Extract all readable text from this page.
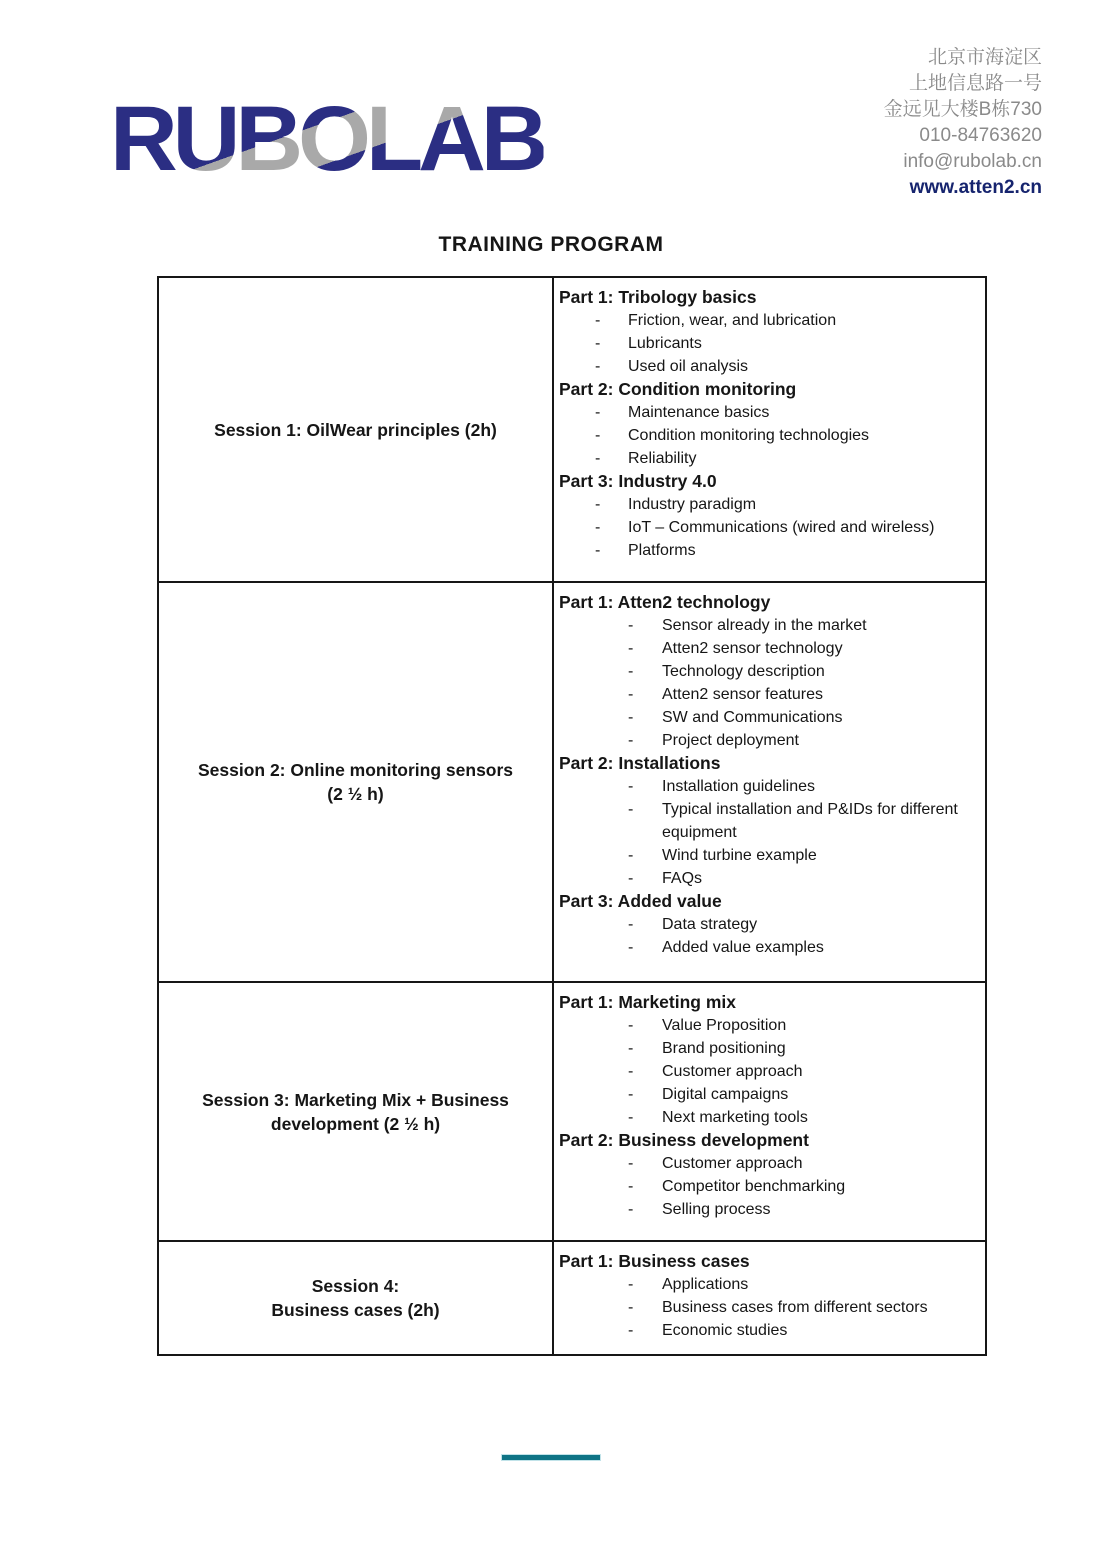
RUBOLAB
北京市海淀区
上地信息路一号
金远见大楼B栋730
010-84763620
info@rubolab.cn
www.atten2.cn
TRAINING PROGRAM
Session 1: OilWear principles (2h)	
Part 1: Tribology basics
- Friction, wear, and lubrication
- Lubricants
- Used oil analysis
Part 2: Condition monitoring
- Maintenance basics
- Condition monitoring technologies
- Reliability
Part 3: Industry 4.0
- Industry paradigm
- IoT – Communications (wired and wireless)
- Platforms

Session 2: Online monitoring sensors
(2 ½ h)	
Part 1: Atten2 technology
- Sensor already in the market
- Atten2 sensor technology
- Technology description
- Atten2 sensor features
- SW and Communications
- Project deployment
Part 2: Installations
- Installation guidelines
- Typical installation and P&IDs for different equipment
- Wind turbine example
- FAQs
Part 3: Added value
- Data strategy
- Added value examples

Session 3: Marketing Mix + Business
development (2 ½ h)	
Part 1: Marketing mix
- Value Proposition
- Brand positioning
- Customer approach
- Digital campaigns
- Next marketing tools
Part 2: Business development
- Customer approach
- Competitor benchmarking
- Selling process

Session 4:
Business cases (2h)	
Part 1: Business cases
- Applications
- Business cases from different sectors
- Economic studies
